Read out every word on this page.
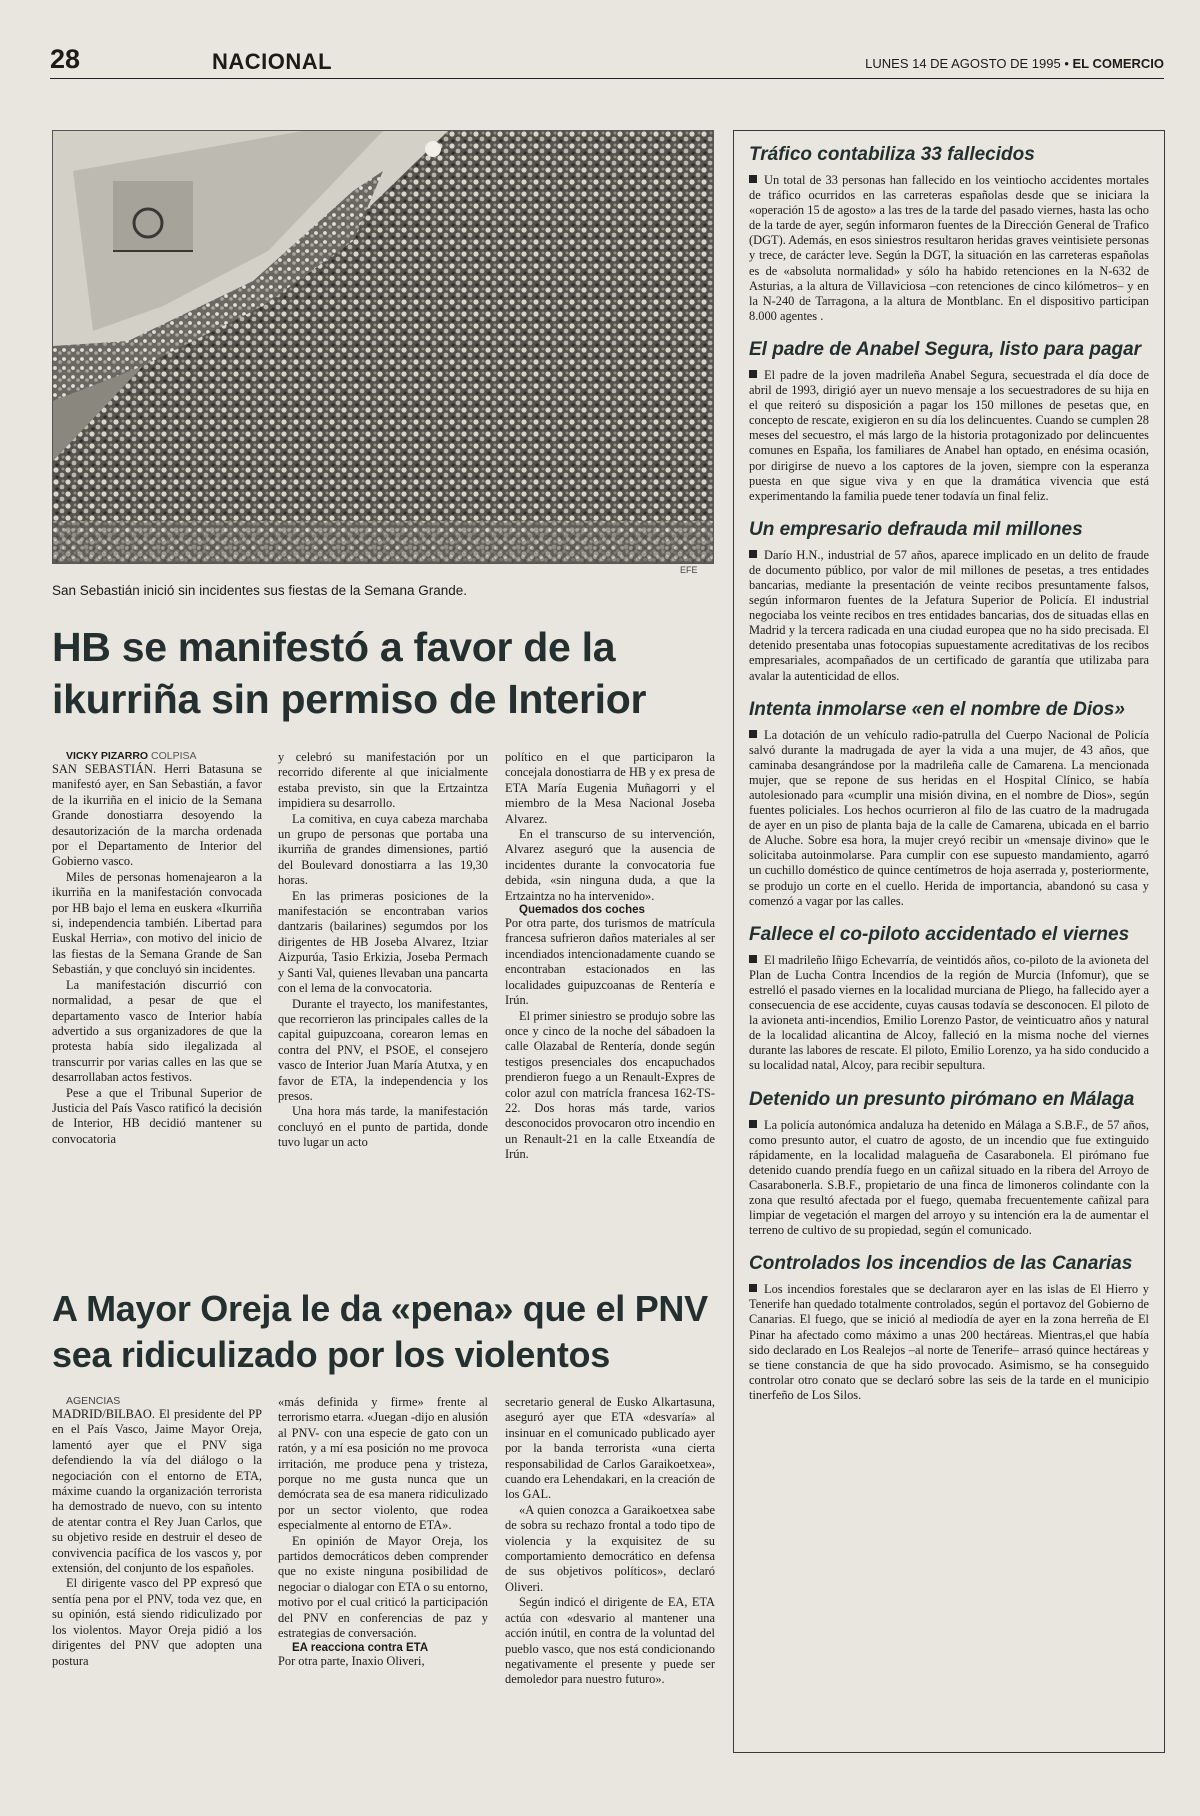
28	NACIONAL	LUNES 14 DE AGOSTO DE 1995 • EL COMERCIO
EFE
San Sebastián inició sin incidentes sus fiestas de la Semana Grande.
HB se manifestó a favor de la ikurriña sin permiso de Interior

VICKY PIZARRO COLPISA

SAN SEBASTIÁN. Herri Batasuna se manifestó ayer, en San Sebastián, a favor de la ikurriña en el inicio de la Semana Grande donostiarra desoyendo la desautorización de la marcha ordenada por el Departamento de Interior del Gobierno vasco.

Miles de personas homenajearon a la ikurriña en la manifestación convocada por HB bajo el lema en euskera «Ikurriña si, independencia también. Libertad para Euskal Herria», con motivo del inicio de las fiestas de la Semana Grande de San Sebastián, y que concluyó sin incidentes.

La manifestación discurrió con normalidad, a pesar de que el departamento vasco de Interior había advertido a sus organizadores de que la protesta había sido ilegalizada al transcurrir por varias calles en las que se desarrollaban actos festivos.

Pese a que el Tribunal Superior de Justicia del País Vasco ratificó la decisión de Interior, HB decidió mantener su convocatoria

y celebró su manifestación por un recorrido diferente al que inicialmente estaba previsto, sin que la Ertzaintza impidiera su desarrollo.

La comitiva, en cuya cabeza marchaba un grupo de personas que portaba una ikurriña de grandes dimensiones, partió del Boulevard donostiarra a las 19,30 horas.

En las primeras posiciones de la manifestación se encontraban varios dantzaris (bailarines) segumdos por los dirigentes de HB Joseba Alvarez, Itziar Aizpurúa, Tasio Erkizia, Joseba Permach y Santi Val, quienes llevaban una pancarta con el lema de la convocatoria.

Durante el trayecto, los manifestantes, que recorrieron las principales calles de la capital guipuzcoana, corearon lemas en contra del PNV, el PSOE, el consejero vasco de Interior Juan María Atutxa, y en favor de ETA, la independencia y los presos.

Una hora más tarde, la manifestación concluyó en el punto de partida, donde tuvo lugar un acto

político en el que participaron la concejala donostiarra de HB y ex presa de ETA María Eugenia Muñagorri y el miembro de la Mesa Nacional Joseba Alvarez.

En el transcurso de su intervención, Alvarez aseguró que la ausencia de incidentes durante la convocatoria fue debida, «sin ninguna duda, a que la Ertzaintza no ha intervenido».

Quemados dos coches

Por otra parte, dos turismos de matrícula francesa sufrieron daños materiales al ser incendiados intencionadamente cuando se encontraban estacionados en las localidades guipuzcoanas de Rentería e Irún.

El primer siniestro se produjo sobre las once y cinco de la noche del sábadoen la calle Olazabal de Rentería, donde según testigos presenciales dos encapuchados prendieron fuego a un Renault-Expres de color azul con matrícla francesa 162-TS-22. Dos horas más tarde, varios desconocidos provocaron otro incendio en un Renault-21 en la calle Etxeandía de Irún.

A Mayor Oreja le da «pena» que el PNV sea ridiculizado por los violentos

AGENCIAS

MADRID/BILBAO. El presidente del PP en el País Vasco, Jaime Mayor Oreja, lamentó ayer que el PNV siga defendiendo la vía del diálogo o la negociación con el entorno de ETA, máxime cuando la organización terrorista ha demostrado de nuevo, con su intento de atentar contra el Rey Juan Carlos, que su objetivo reside en destruir el deseo de convivencia pacífica de los vascos y, por extensión, del conjunto de los españoles.

El dirigente vasco del PP expresó que sentía pena por el PNV, toda vez que, en su opinión, está siendo ridiculizado por los violentos. Mayor Oreja pidió a los dirigentes del PNV que adopten una postura

«más definida y firme» frente al terrorismo etarra. «Juegan -dijo en alusión al PNV- con una especie de gato con un ratón, y a mí esa posición no me provoca irritación, me produce pena y tristeza, porque no me gusta nunca que un demócrata sea de esa manera ridiculizado por un sector violento, que rodea especialmente al entorno de ETA».

En opinión de Mayor Oreja, los partidos democráticos deben comprender que no existe ninguna posibilidad de negociar o dialogar con ETA o su entorno, motivo por el cual criticó la participación del PNV en conferencias de paz y estrategias de conversación.

EA reacciona contra ETA

Por otra parte, Inaxio Oliveri,

secretario general de Eusko Alkartasuna, aseguró ayer que ETA «desvaría» al insinuar en el comunicado publicado ayer por la banda terrorista «una cierta responsabilidad de Carlos Garaikoetxea», cuando era Lehendakari, en la creación de los GAL.

«A quien conozca a Garaikoetxea sabe de sobra su rechazo frontal a todo tipo de violencia y la exquisitez de su comportamiento democrático en defensa de sus objetivos políticos», declaró Oliveri.

Según indicó el dirigente de EA, ETA actúa con «desvario al mantener una acción inútil, en contra de la voluntad del pueblo vasco, que nos está condicionando negativamente el presente y puede ser demoledor para nuestro futuro».

Tráfico contabiliza 33 fallecidos

Un total de 33 personas han fallecido en los veintiocho accidentes mortales de tráfico ocurridos en las carreteras españolas desde que se iniciara la «operación 15 de agosto» a las tres de la tarde del pasado viernes, hasta las ocho de la tarde de ayer, según informaron fuentes de la Dirección General de Trafico (DGT). Además, en esos siniestros resultaron heridas graves veintisiete personas y trece, de carácter leve. Según la DGT, la situación en las carreteras españolas es de «absoluta normalidad» y sólo ha habido retenciones en la N-632 de Asturias, a la altura de Villaviciosa –con retenciones de cinco kilómetros– y en la N-240 de Tarragona, a la altura de Montblanc. En el dispositivo participan 8.000 agentes .

El padre de Anabel Segura, listo para pagar

El padre de la joven madrileña Anabel Segura, secuestrada el día doce de abril de 1993, dirigió ayer un nuevo mensaje a los secuestradores de su hija en el que reiteró su disposición a pagar los 150 millones de pesetas que, en concepto de rescate, exigieron en su día los delincuentes. Cuando se cumplen 28 meses del secuestro, el más largo de la historia protagonizado por delincuentes comunes en España, los familiares de Anabel han optado, en enésima ocasión, por dirigirse de nuevo a los captores de la joven, siempre con la esperanza puesta en que sigue viva y en que la dramática vivencia que está experimentando la familia puede tener todavía un final feliz.

Un empresario defrauda mil millones

Darío H.N., industrial de 57 años, aparece implicado en un delito de fraude de documento público, por valor de mil millones de pesetas, a tres entidades bancarias, mediante la presentación de veinte recibos presuntamente falsos, según informaron fuentes de la Jefatura Superior de Policía. El industrial negociaba los veinte recibos en tres entidades bancarias, dos de situadas ellas en Madrid y la tercera radicada en una ciudad europea que no ha sido precisada. El detenido presentaba unas fotocopias supuestamente acreditativas de los recibos empresariales, acompañados de un certificado de garantía que utilizaba para avalar la autenticidad de ellos.

Intenta inmolarse «en el nombre de Dios»

La dotación de un vehículo radio-patrulla del Cuerpo Nacional de Policía salvó durante la madrugada de ayer la vida a una mujer, de 43 años, que caminaba desangrándose por la madrileña calle de Camarena. La mencionada mujer, que se repone de sus heridas en el Hospital Clínico, se había autolesionado para «cumplir una misión divina, en el nombre de Dios», según fuentes policiales. Los hechos ocurrieron al filo de las cuatro de la madrugada de ayer en un piso de planta baja de la calle de Camarena, ubicada en el barrio de Aluche. Sobre esa hora, la mujer creyó recibir un «mensaje divino» que le solicitaba autoinmolarse. Para cumplir con ese supuesto mandamiento, agarró un cuchillo doméstico de quince centímetros de hoja aserrada y, posteriormente, se produjo un corte en el cuello. Herida de importancia, abandonó su casa y comenzó a vagar por las calles.

Fallece el co-piloto accidentado el viernes

El madrileño Iñigo Echevarría, de veintidós años, co-piloto de la avioneta del Plan de Lucha Contra Incendios de la región de Murcia (Infomur), que se estrelló el pasado viernes en la localidad murciana de Pliego, ha fallecido ayer a consecuencia de ese accidente, cuyas causas todavía se desconocen. El piloto de la avioneta anti-incendios, Emilio Lorenzo Pastor, de veinticuatro años y natural de la localidad alicantina de Alcoy, falleció en la misma noche del viernes durante las labores de rescate. El piloto, Emilio Lorenzo, ya ha sido conducido a su localidad natal, Alcoy, para recibir sepultura.

Detenido un presunto pirómano en Málaga

La policía autonómica andaluza ha detenido en Málaga a S.B.F., de 57 años, como presunto autor, el cuatro de agosto, de un incendio que fue extinguido rápidamente, en la localidad malagueña de Casarabonela. El pirómano fue detenido cuando prendía fuego en un cañizal situado en la ribera del Arroyo de Casarabonerla. S.B.F., propietario de una finca de limoneros colindante con la zona que resultó afectada por el fuego, quemaba frecuentemente cañizal para limpiar de vegetación el margen del arroyo y su intención era la de aumentar el terreno de cultivo de su propiedad, según el comunicado.

Controlados los incendios de las Canarias

Los incendios forestales que se declararon ayer en las islas de El Hierro y Tenerife han quedado totalmente controlados, según el portavoz del Gobierno de Canarias. El fuego, que se inició al mediodía de ayer en la zona herreña de El Pinar ha afectado como máximo a unas 200 hectáreas. Mientras,el que había sido declarado en Los Realejos –al norte de Tenerife– arrasó quince hectáreas y se tiene constancia de que ha sido provocado. Asimismo, se ha conseguido controlar otro conato que se declaró sobre las seis de la tarde en el municipio tinerfeño de Los Silos.
